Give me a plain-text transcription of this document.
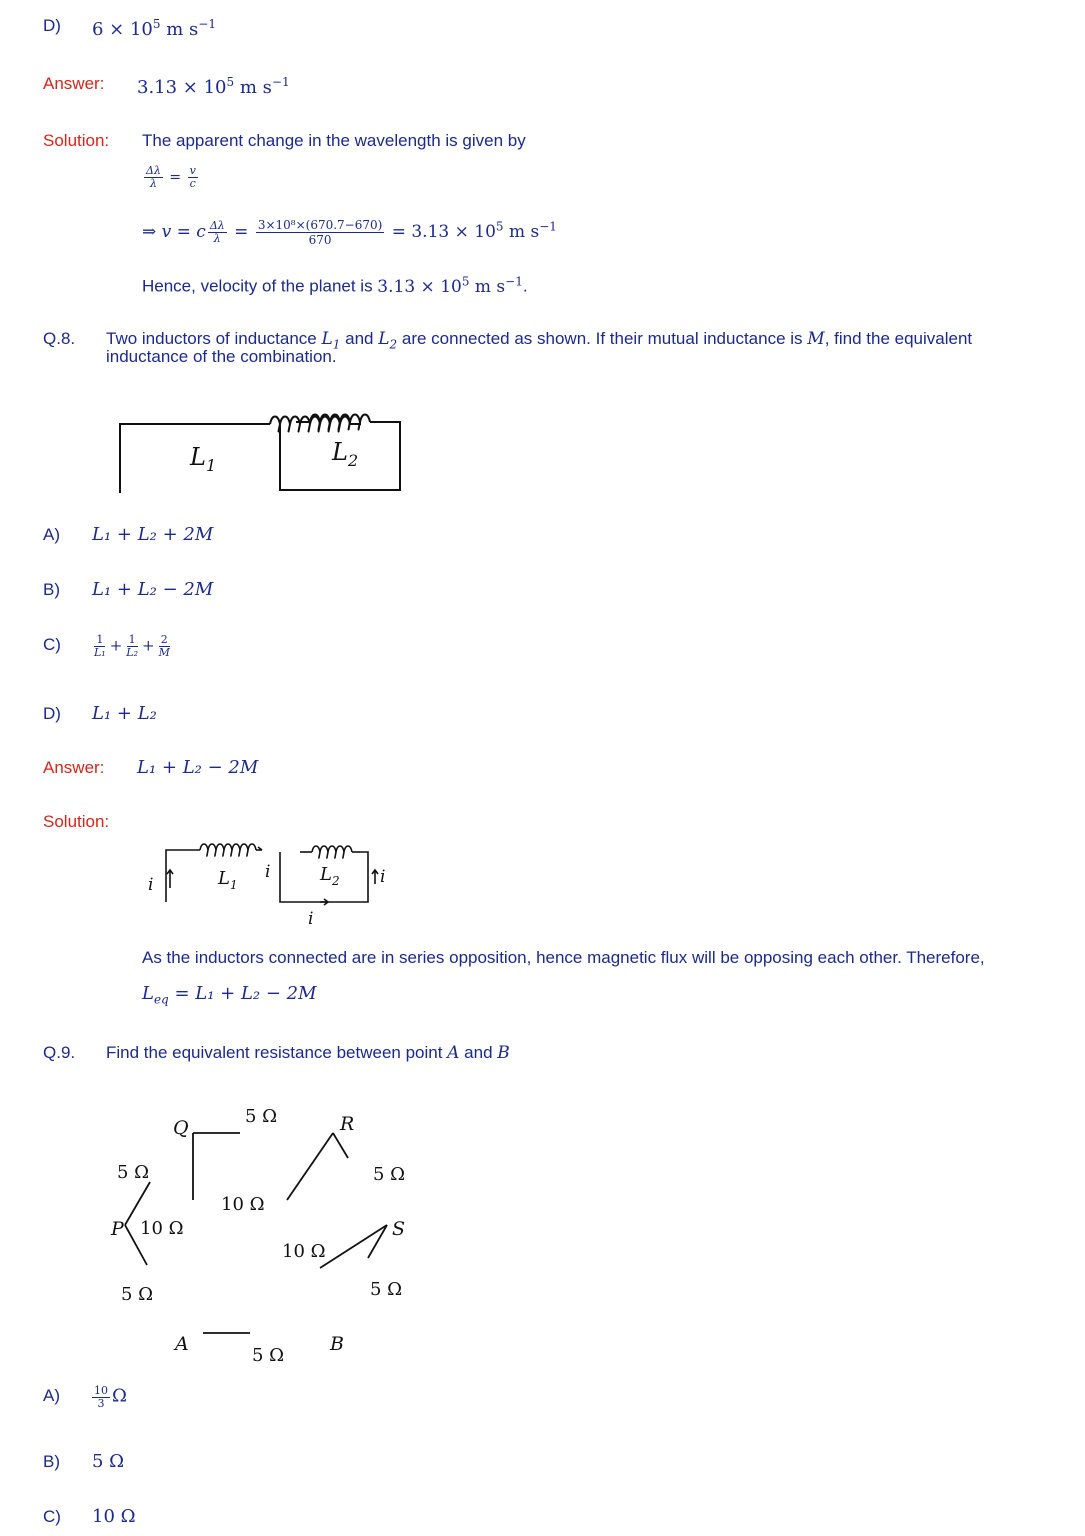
D) $6 \times 10^5$ m $s^{-1}$
Answer: $3.13 \times 10^5$ m $s^{-1}$
Solution: The apparent change in the wavelength is given by
$\frac{\Delta\lambda}{\lambda} = \frac{v}{c}$
⇒ v = c $\frac{\Delta\lambda}{\lambda} = \frac{\text{3×10⁸×(670.7−670)}}{670} = 3.13 \times 10^5$ m $s^{-1}$
Hence, velocity of the planet is $3.13 \times 10^5$ m $s^{-1}$.
Q.8. Two inductors of inductance $L_1$ and $L_2$ are connected as shown. If their mutual inductance is M, find the equivalent
inductance of the combination.
$L_1$	$L_2$
A) L₁ + L₂ + 2M
B) L₁ + L₂ − 2M
C)	$\frac{1}{\text{L₁}} + \frac{1}{\text{L₂}} + \frac{2}{M}$
D) L₁ + L₂
Answer: L₁ + L₂ − 2M
Solution:
i
i
i
i
$L_1$	$L_2$
As the inductors connected are in series opposition, hence magnetic flux will be opposing each other. Therefore,
$L_{eq} = L_1 + L_2 - 2M$
Q.9. Find the equivalent resistance between point A and B
Q	R
P	S
A	B
5 Ω
5 Ω	5 Ω
10 Ω
10 Ω
10 Ω
5 Ω	5 Ω
5 Ω
A)	$\frac{10}{3}$ Ω
B) 5 Ω
C) 10 Ω
